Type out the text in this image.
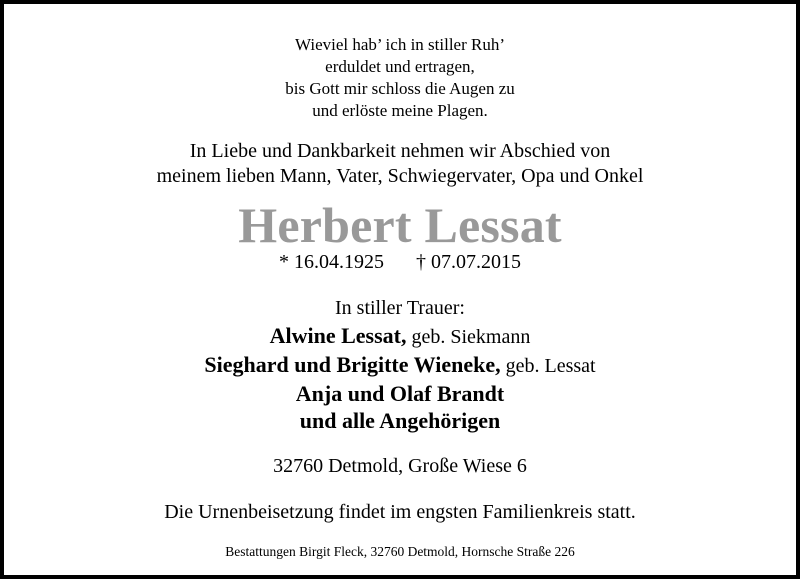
Wieviel hab’ ich in stiller Ruh’
erduldet und ertragen,
bis Gott mir schloss die Augen zu
und erlöste meine Plagen.
In Liebe und Dankbarkeit nehmen wir Abschied von
meinem lieben Mann, Vater, Schwiegervater, Opa und Onkel
Herbert Lessat
* 16.04.1925 † 07.07.2015
In stiller Trauer:
Alwine Lessat, geb. Siekmann
Sieghard und Brigitte Wieneke, geb. Lessat
Anja und Olaf Brandt
und alle Angehörigen
32760 Detmold, Große Wiese 6
Die Urnenbeisetzung findet im engsten Familienkreis statt.
Bestattungen Birgit Fleck, 32760 Detmold, Hornsche Straße 226
